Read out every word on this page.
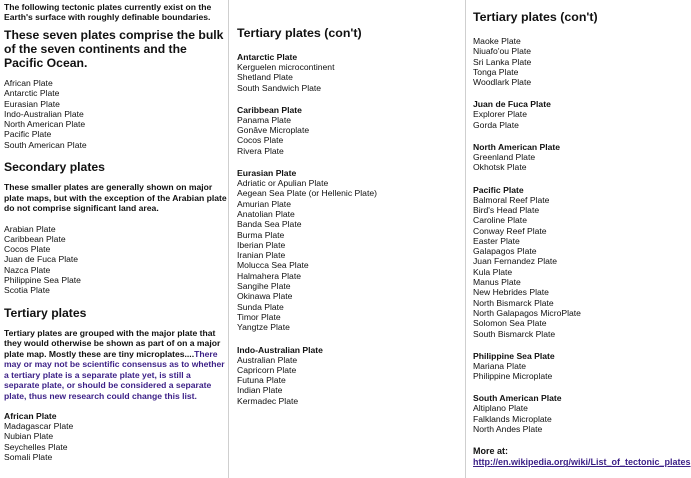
The following tectonic plates currently exist on the Earth's surface with roughly definable boundaries.

These seven plates comprise the bulk of the seven continents and the Pacific Ocean.
African Plate
Antarctic Plate
Eurasian Plate
Indo-Australian Plate
North American Plate
Pacific Plate
South American Plate
Secondary plates

These smaller plates are generally shown on major plate maps, but with the exception of the Arabian plate do not comprise significant land area.

Arabian Plate
Caribbean Plate
Cocos Plate
Juan de Fuca Plate
Nazca Plate
Philippine Sea Plate
Scotia Plate
Tertiary plates

Tertiary plates are grouped with the major plate that they would otherwise be shown as part of on a major plate map. Mostly these are tiny microplates....There may or may not be scientific consensus as to whether a tertiary plate is a separate plate yet, is still a separate plate, or should be considered a separate plate, thus new research could change this list.

African Plate
Madagascar Plate
Nubian Plate
Seychelles Plate
Somali Plate
Tertiary plates (con't)
Antarctic Plate
Kerguelen microcontinent
Shetland Plate
South Sandwich Plate
Caribbean Plate
Panama Plate
Gonâve Microplate
Cocos Plate
Rivera Plate
Eurasian Plate
Adriatic or Apulian Plate
Aegean Sea Plate (or Hellenic Plate)
Amurian Plate
Anatolian Plate
Banda Sea Plate
Burma Plate
Iberian Plate
Iranian Plate
Molucca Sea Plate
Halmahera Plate
Sangihe Plate
Okinawa Plate
Sunda Plate
Timor Plate
Yangtze Plate
Indo-Australian Plate
Australian Plate
Capricorn Plate
Futuna Plate
Indian Plate
Kermadec Plate
Tertiary plates (con't)
Maoke Plate
Niuafo'ou Plate
Sri Lanka Plate
Tonga Plate
Woodlark Plate
Juan de Fuca Plate
Explorer Plate
Gorda Plate
North American Plate
Greenland Plate
Okhotsk Plate
Pacific Plate
Balmoral Reef Plate
Bird's Head Plate
Caroline Plate
Conway Reef Plate
Easter Plate
Galapagos Plate
Juan Fernandez Plate
Kula Plate
Manus Plate
New Hebrides Plate
North Bismarck Plate
North Galapagos MicroPlate
Solomon Sea Plate
South Bismarck Plate
Philippine Sea Plate
Mariana Plate
Philippine Microplate
South American Plate
Altiplano Plate
Falklands Microplate
North Andes Plate
More at: http://en.wikipedia.org/wiki/List_of_tectonic_plates
